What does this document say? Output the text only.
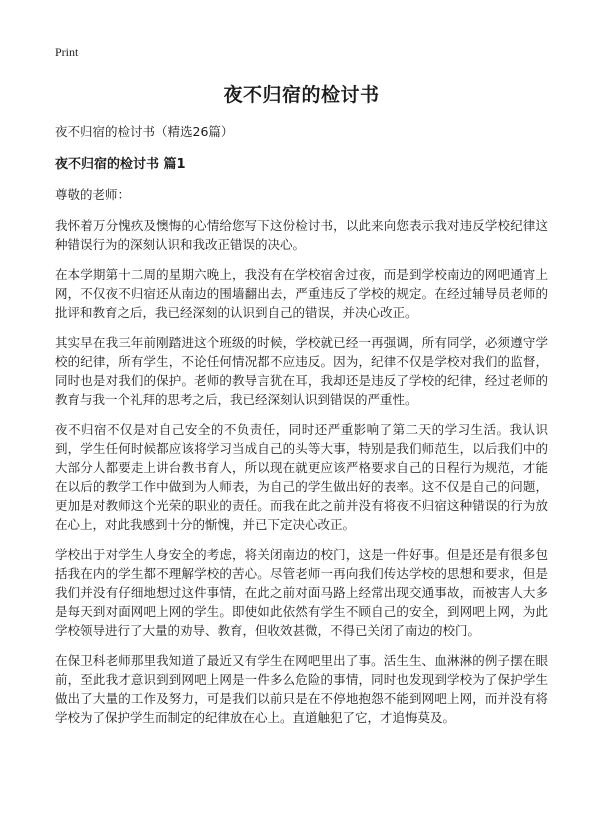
Print
夜不归宿的检讨书
夜不归宿的检讨书（精选26篇）
夜不归宿的检讨书 篇1
尊敬的老师：

我怀着万分愧疚及懊悔的心情给您写下这份检讨书，以此来向您表示我对违反学校纪律这种错误行为的深刻认识和我改正错误的决心。

在本学期第十二周的星期六晚上，我没有在学校宿舍过夜，而是到学校南边的网吧通宵上网，不仅夜不归宿还从南边的围墙翻出去，严重违反了学校的规定。在经过辅导员老师的批评和教育之后，我已经深刻的认识到自己的错误，并决心改正。

其实早在我三年前刚踏进这个班级的时候，学校就已经一再强调，所有同学，必须遵守学校的纪律，所有学生，不论任何情况都不应违反。因为，纪律不仅是学校对我们的监督，同时也是对我们的保护。老师的教导言犹在耳，我却还是违反了学校的纪律，经过老师的教育与我一个礼拜的思考之后，我已经深刻认识到错误的严重性。

夜不归宿不仅是对自己安全的不负责任，同时还严重影响了第二天的学习生活。我认识到，学生任何时候都应该将学习当成自己的头等大事，特别是我们师范生，以后我们中的大部分人都要走上讲台教书育人，所以现在就更应该严格要求自己的日程行为规范，才能在以后的教学工作中做到为人师表，为自己的学生做出好的表率。这不仅是自己的问题，更加是对教师这个光荣的职业的责任。而我在此之前并没有将夜不归宿这种错误的行为放在心上，对此我感到十分的惭愧，并已下定决心改正。

学校出于对学生人身安全的考虑，将关闭南边的校门，这是一件好事。但是还是有很多包括我在内的学生都不理解学校的苦心。尽管老师一再向我们传达学校的思想和要求，但是我们并没有仔细地想过这件事情，在此之前对面马路上经常出现交通事故，而被害人大多是每天到对面网吧上网的学生。即使如此依然有学生不顾自己的安全，到网吧上网，为此学校领导进行了大量的劝导、教育，但收效甚微，不得已关闭了南边的校门。

在保卫科老师那里我知道了最近又有学生在网吧里出了事。活生生、血淋淋的例子摆在眼前，至此我才意识到到网吧上网是一件多么危险的事情，同时也发现到学校为了保护学生做出了大量的工作及努力，可是我们以前只是在不停地抱怨不能到网吧上网，而并没有将学校为了保护学生而制定的纪律放在心上。直道触犯了它，才追悔莫及。
